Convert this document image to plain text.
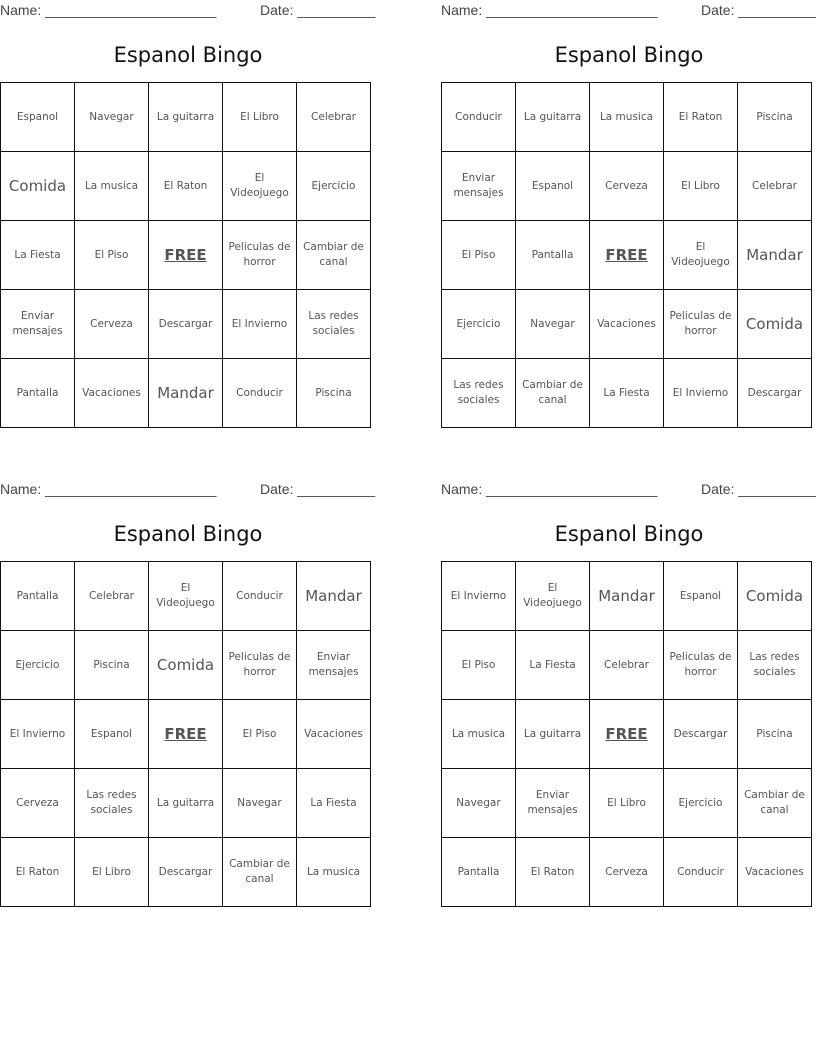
Name: ______________________	Date: __________
Espanol Bingo
Espanol	Navegar	La guitarra	El Libro	Celebrar
Comida	La musica	El Raton	El Videojuego	Ejercicio
La Fiesta	El Piso	FREE	Peliculas de horror	Cambiar de canal
Enviar mensajes	Cerveza	Descargar	El Invierno	Las redes sociales
Pantalla	Vacaciones	Mandar	Conducir	Piscina
Name: ______________________	Date: __________
Espanol Bingo
Conducir	La guitarra	La musica	El Raton	Piscina
Enviar mensajes	Espanol	Cerveza	El Libro	Celebrar
El Piso	Pantalla	FREE	El Videojuego	Mandar
Ejercicio	Navegar	Vacaciones	Peliculas de horror	Comida
Las redes sociales	Cambiar de canal	La Fiesta	El Invierno	Descargar
Name: ______________________	Date: __________
Espanol Bingo
Pantalla	Celebrar	El Videojuego	Conducir	Mandar
Ejercicio	Piscina	Comida	Peliculas de horror	Enviar mensajes
El Invierno	Espanol	FREE	El Piso	Vacaciones
Cerveza	Las redes sociales	La guitarra	Navegar	La Fiesta
El Raton	El Libro	Descargar	Cambiar de canal	La musica
Name: ______________________	Date: __________
Espanol Bingo
El Invierno	El Videojuego	Mandar	Espanol	Comida
El Piso	La Fiesta	Celebrar	Peliculas de horror	Las redes sociales
La musica	La guitarra	FREE	Descargar	Piscina
Navegar	Enviar mensajes	El Libro	Ejercicio	Cambiar de canal
Pantalla	El Raton	Cerveza	Conducir	Vacaciones
